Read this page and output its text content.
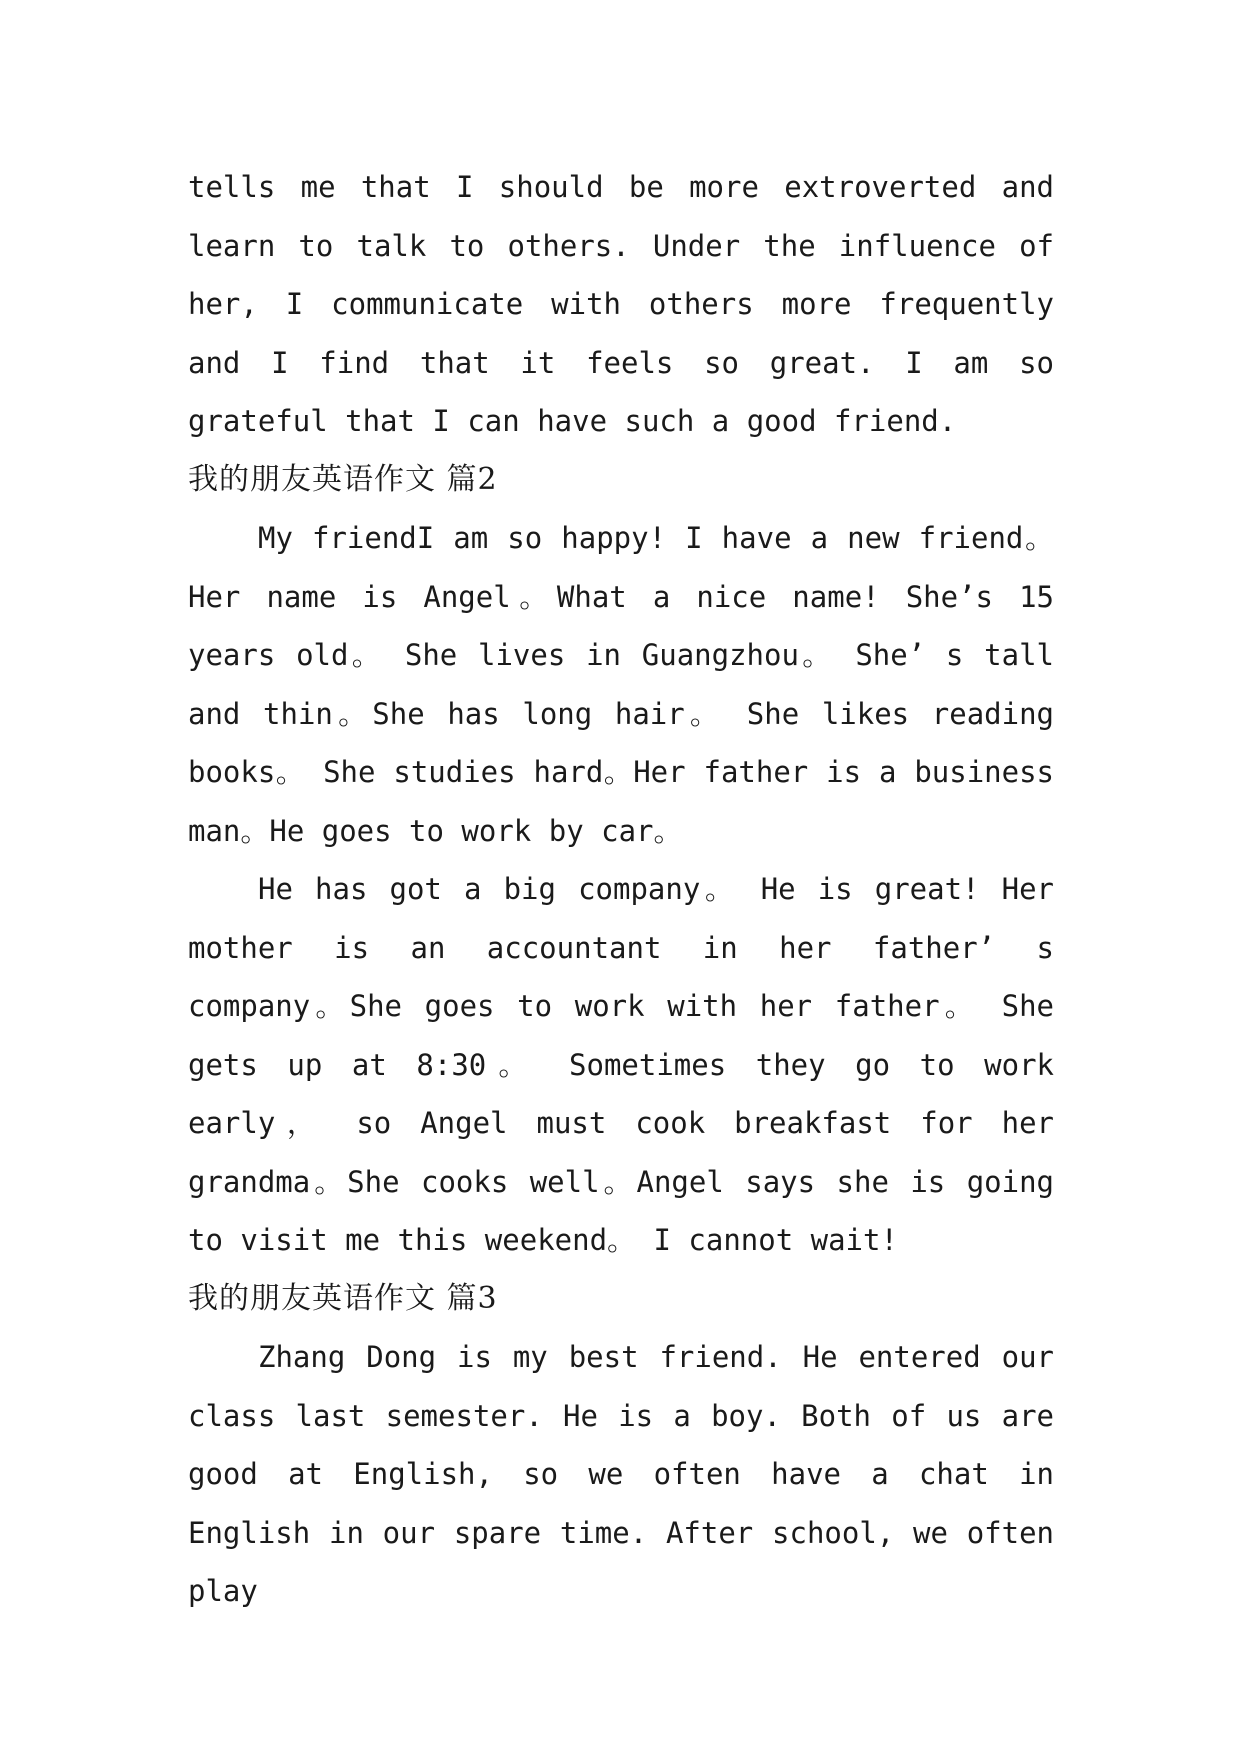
tells me that I should be more extroverted and learn to talk to others. Under the influence of her, I communicate with others more frequently and I find that it feels so great. I am so grateful that I can have such a good friend.

我的朋友英语作文 篇2

My friendI am so happy! I have a new friend。Her name is Angel。What a nice name! She’s 15 years old。 She lives in Guangzhou。 She’ s tall and thin。She has long hair。 She likes reading books。 She studies hard。Her father is a business man。He goes to work by car。

He has got a big company。 He is great! Her mother is an accountant in her father’ s company。She goes to work with her father。 She gets up at 8:30。 Sometimes they go to work early， so Angel must cook breakfast for her grandma。She cooks well。Angel says she is going to visit me this weekend。 I cannot wait!

我的朋友英语作文 篇3

Zhang Dong is my best friend. He entered our class last semester. He is a boy. Both of us are good at English, so we often have a chat in English in our spare time. After school, we often play
